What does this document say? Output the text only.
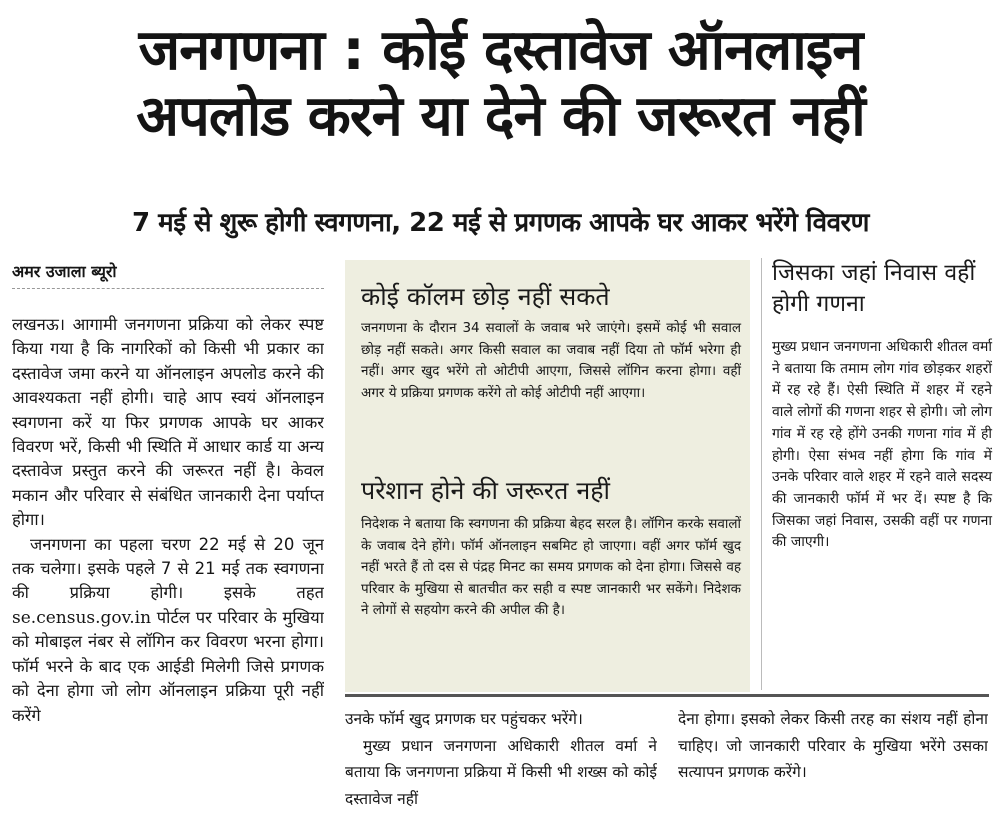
जनगणना : कोई दस्तावेज ऑनलाइन
अपलोड करने या देने की जरूरत नहीं
7 मई से शुरू होगी स्वगणना, 22 मई से प्रगणक आपके घर आकर भरेंगे विवरण
अमर उजाला ब्यूरो

लखनऊ। आगामी जनगणना प्रक्रिया को लेकर स्पष्ट किया गया है कि नागरिकों को किसी भी प्रकार का दस्तावेज जमा करने या ऑनलाइन अपलोड करने की आवश्यकता नहीं होगी। चाहे आप स्वयं ऑनलाइन स्वगणना करें या फिर प्रगणक आपके घर आकर विवरण भरें, किसी भी स्थिति में आधार कार्ड या अन्य दस्तावेज प्रस्तुत करने की जरूरत नहीं है। केवल मकान और परिवार से संबंधित जानकारी देना पर्याप्त होगा।

जनगणना का पहला चरण 22 मई से 20 जून तक चलेगा। इसके पहले 7 से 21 मई तक स्वगणना की प्रक्रिया होगी। इसके तहत se.census.gov.in पोर्टल पर परिवार के मुखिया को मोबाइल नंबर से लॉगिन कर विवरण भरना होगा। फॉर्म भरने के बाद एक आईडी मिलेगी जिसे प्रगणक को देना होगा जो लोग ऑनलाइन प्रक्रिया पूरी नहीं करेंगे

कोई कॉलम छोड़ नहीं सकते

जनगणना के दौरान 34 सवालों के जवाब भरे जाएंगे। इसमें कोई भी सवाल छोड़ नहीं सकते। अगर किसी सवाल का जवाब नहीं दिया तो फॉर्म भरेगा ही नहीं। अगर खुद भरेंगे तो ओटीपी आएगा, जिससे लॉगिन करना होगा। वहीं अगर ये प्रक्रिया प्रगणक करेंगे तो कोई ओटीपी नहीं आएगा।

परेशान होने की जरूरत नहीं

निदेशक ने बताया कि स्वगणना की प्रक्रिया बेहद सरल है। लॉगिन करके सवालों के जवाब देने होंगे। फॉर्म ऑनलाइन सबमिट हो जाएगा। वहीं अगर फॉर्म खुद नहीं भरते हैं तो दस से पंद्रह मिनट का समय प्रगणक को देना होगा। जिससे वह परिवार के मुखिया से बातचीत कर सही व स्पष्ट जानकारी भर सकेंगे। निदेशक ने लोगों से सहयोग करने की अपील की है।

जिसका जहां निवास वहीं होगी गणना

मुख्य प्रधान जनगणना अधिकारी शीतल वर्मा ने बताया कि तमाम लोग गांव छोड़कर शहरों में रह रहे हैं। ऐसी स्थिति में शहर में रहने वाले लोगों की गणना शहर से होगी। जो लोग गांव में रह रहे होंगे उनकी गणना गांव में ही होगी। ऐसा संभव नहीं होगा कि गांव में उनके परिवार वाले शहर में रहने वाले सदस्य की जानकारी फॉर्म में भर दें। स्पष्ट है कि जिसका जहां निवास, उसकी वहीं पर गणना की जाएगी।

उनके फॉर्म खुद प्रगणक घर पहुंचकर भरेंगे।

मुख्य प्रधान जनगणना अधिकारी शीतल वर्मा ने बताया कि जनगणना प्रक्रिया में किसी भी शख्स को कोई दस्तावेज नहीं

देना होगा। इसको लेकर किसी तरह का संशय नहीं होना चाहिए। जो जानकारी परिवार के मुखिया भरेंगे उसका सत्यापन प्रगणक करेंगे।
